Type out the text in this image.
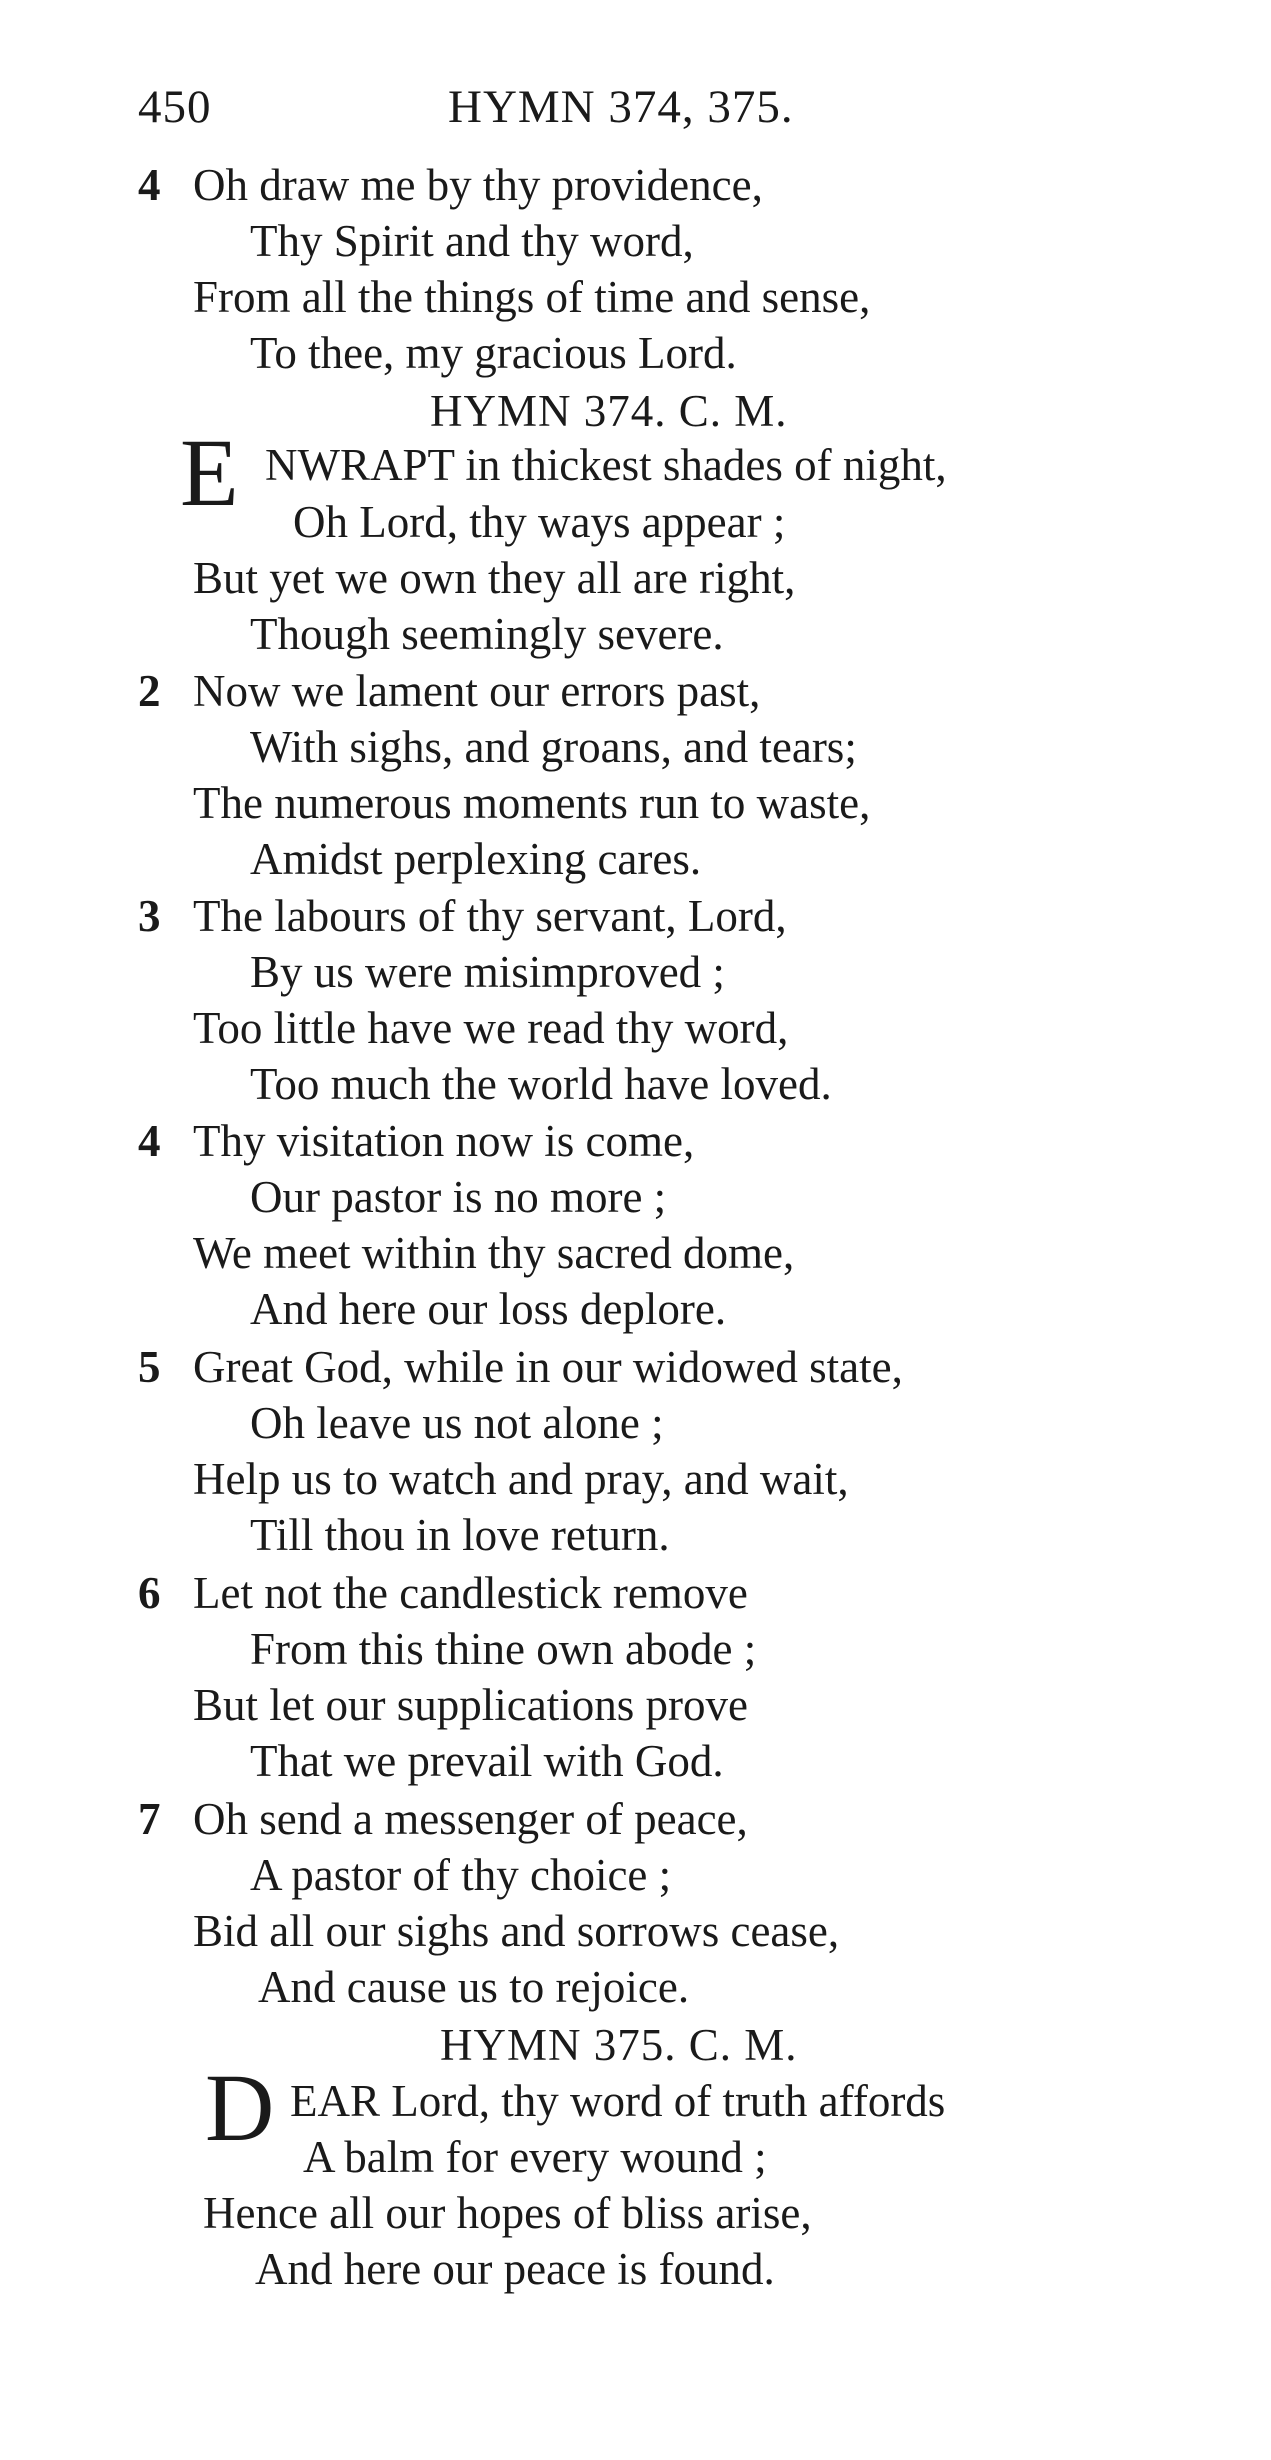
450	HYMN 374, 375.
4 Oh draw me by thy providence,
Thy Spirit and thy word,
From all the things of time and sense,
To thee, my gracious Lord.
HYMN 374. C. M.
E NWRAPT in thickest shades of night,
Oh Lord, thy ways appear ;
But yet we own they all are right,
Though seemingly severe.
2 Now we lament our errors past,
With sighs, and groans, and tears;
The numerous moments run to waste,
Amidst perplexing cares.
3 The labours of thy servant, Lord,
By us were misimproved ;
Too little have we read thy word,
Too much the world have loved.
4 Thy visitation now is come,
Our pastor is no more ;
We meet within thy sacred dome,
And here our loss deplore.
5 Great God, while in our widowed state,
Oh leave us not alone ;
Help us to watch and pray, and wait,
Till thou in love return.
6 Let not the candlestick remove
From this thine own abode ;
But let our supplications prove
That we prevail with God.
7 Oh send a messenger of peace,
A pastor of thy choice ;
Bid all our sighs and sorrows cease,
And cause us to rejoice.
HYMN 375. C. M.
D EAR Lord, thy word of truth affords
A balm for every wound ;
Hence all our hopes of bliss arise,
And here our peace is found.
